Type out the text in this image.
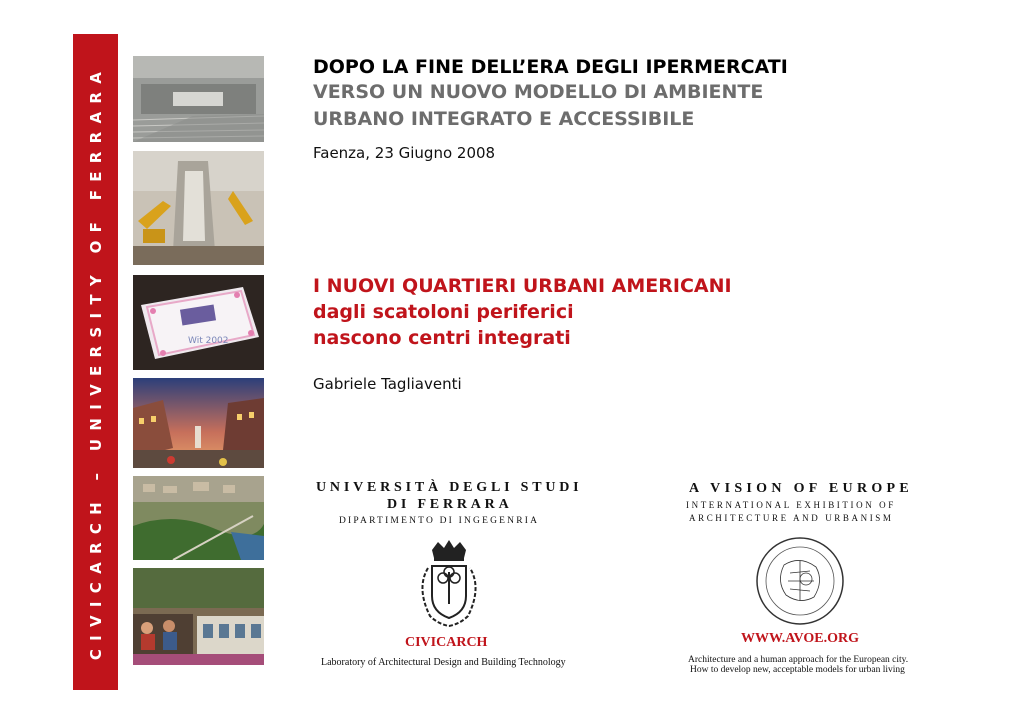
CIVICARCH – UNIVERSITY OF FERRARA	Wit 2002

DOPO LA FINE DELL’ERA DEGLI IPERMERCATI

VERSO UN NUOVO MODELLO DI AMBIENTE

URBANO INTEGRATO E ACCESSIBILE

Faenza, 23 Giugno 2008

I NUOVI QUARTIERI URBANI AMERICANI

dagli scatoloni periferici

nascono centri integrati

Gabriele Tagliaventi

UNIVERSITÀ DEGLI STUDI

DI FERRARA

DIPARTIMENTO DI INGEGENRIA

CIVICARCH

Laboratory of Architectural Design and Building Technology

A VISION OF EUROPE

INTERNATIONAL EXHIBITION OF

ARCHITECTURE AND URBANISM

WWW.AVOE.ORG

Architecture and a human approach for the European city.

How to develop new, acceptable models for urban living
